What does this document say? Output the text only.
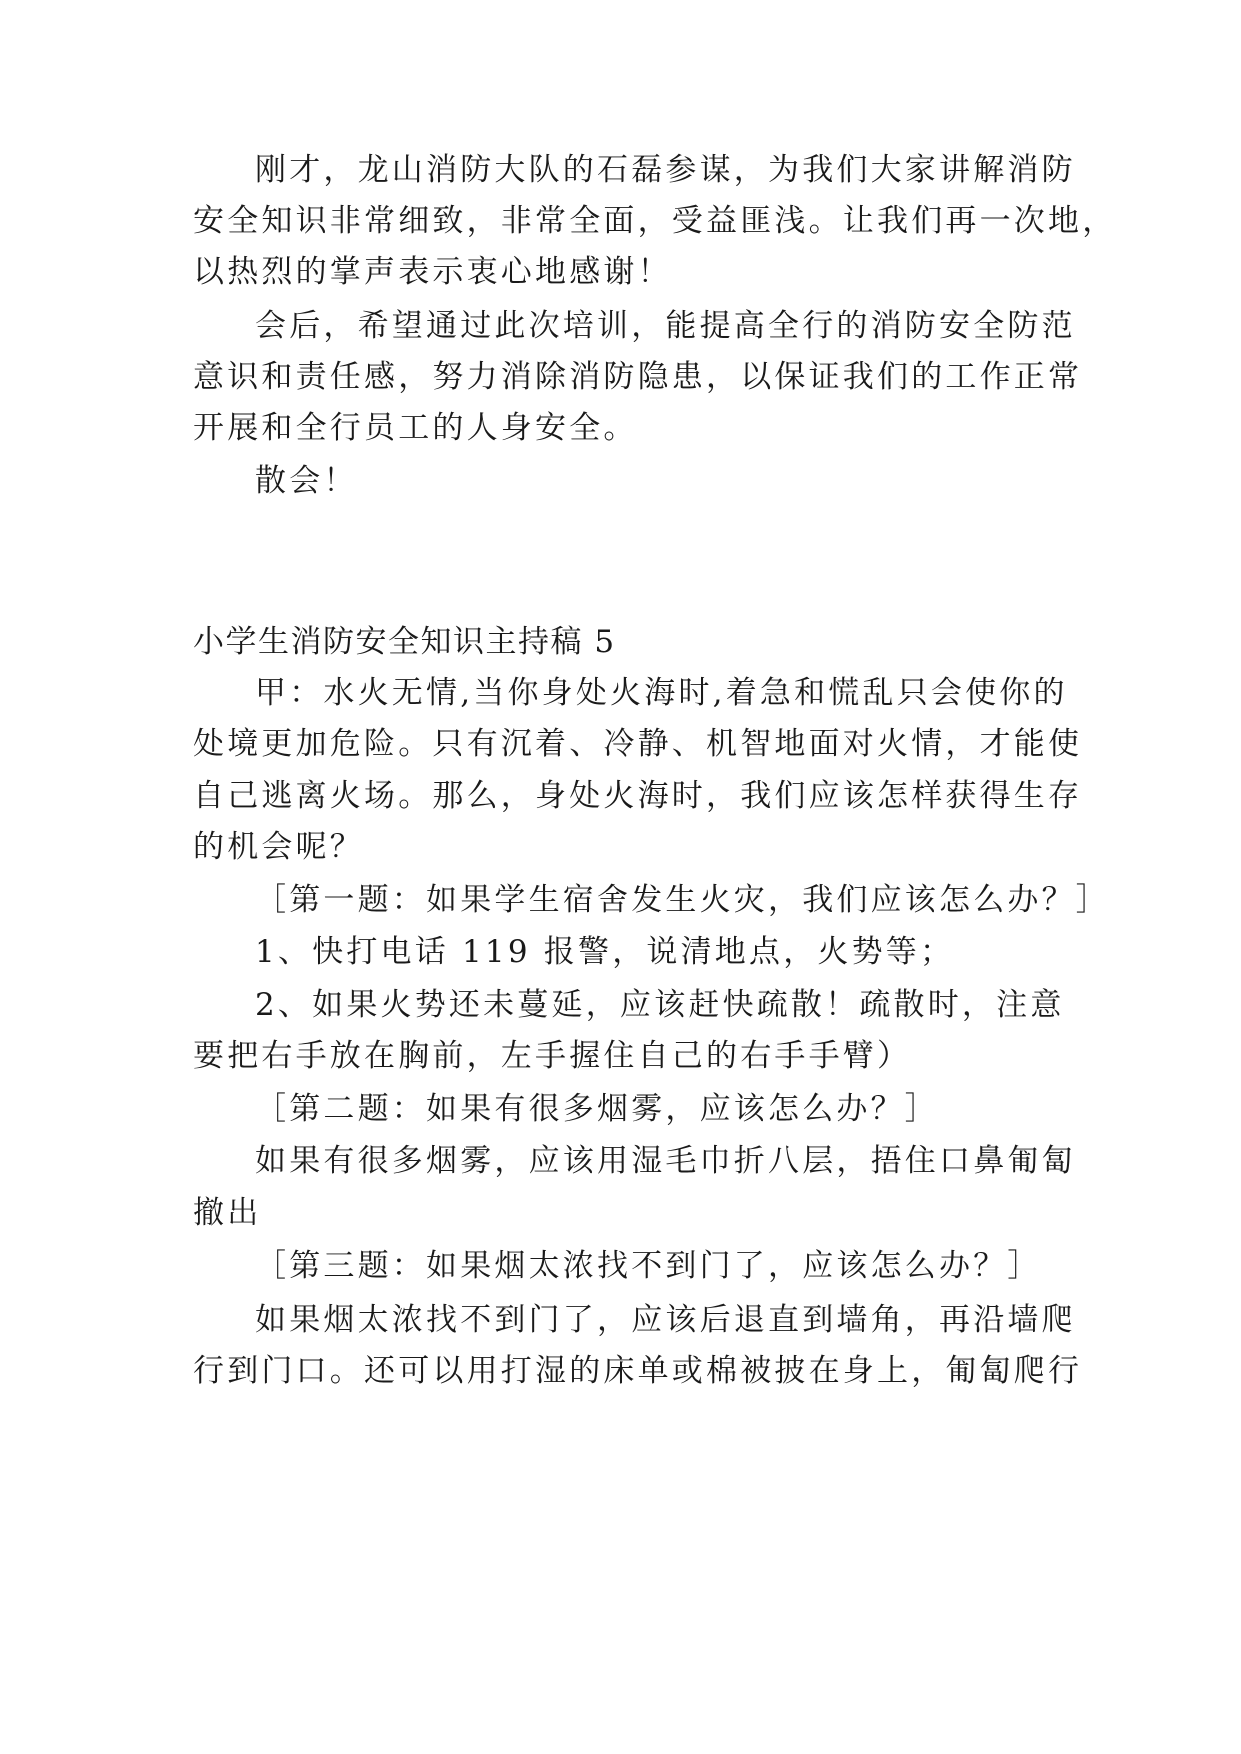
刚才，龙山消防大队的石磊参谋，为我们大家讲解消防
安全知识非常细致，非常全面，受益匪浅。让我们再一次地，
以热烈的掌声表示衷心地感谢！
会后，希望通过此次培训，能提高全行的消防安全防范
意识和责任感，努力消除消防隐患，以保证我们的工作正常
开展和全行员工的人身安全。
散会！
小学生消防安全知识主持稿 5
甲：水火无情,当你身处火海时,着急和慌乱只会使你的
处境更加危险。只有沉着、冷静、机智地面对火情，才能使
自己逃离火场。那么，身处火海时，我们应该怎样获得生存
的机会呢？
［第一题：如果学生宿舍发生火灾，我们应该怎么办？］
1、快打电话 119 报警，说清地点，火势等；
2、如果火势还未蔓延，应该赶快疏散！疏散时，注意
要把右手放在胸前，左手握住自己的右手手臂）
［第二题：如果有很多烟雾，应该怎么办？］
如果有很多烟雾，应该用湿毛巾折八层，捂住口鼻匍匐
撤出
［第三题：如果烟太浓找不到门了，应该怎么办？］
如果烟太浓找不到门了，应该后退直到墙角，再沿墙爬
行到门口。还可以用打湿的床单或棉被披在身上，匍匐爬行
